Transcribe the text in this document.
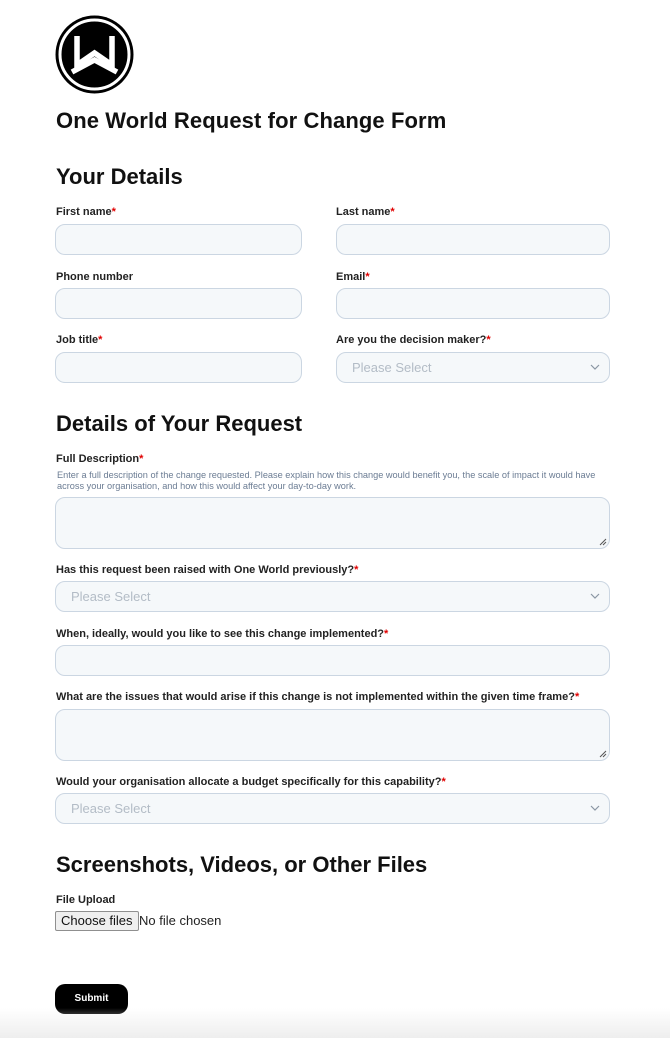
One World Request for Change Form
Your Details
First name*	Last name*
Phone number	Email*
Job title*	Are you the decision maker?*
Please Select
Details of Your Request
Full Description*
Enter a full description of the change requested. Please explain how this change would benefit you, the scale of impact it would have across your organisation, and how this would affect your day-to-day work.
Has this request been raised with One World previously?*
Please Select
When, ideally, would you like to see this change implemented?*
What are the issues that would arise if this change is not implemented within the given time frame?*
Would your organisation allocate a budget specifically for this capability?*
Please Select
Screenshots, Videos, or Other Files
File Upload
Choose files No file chosen
Submit
